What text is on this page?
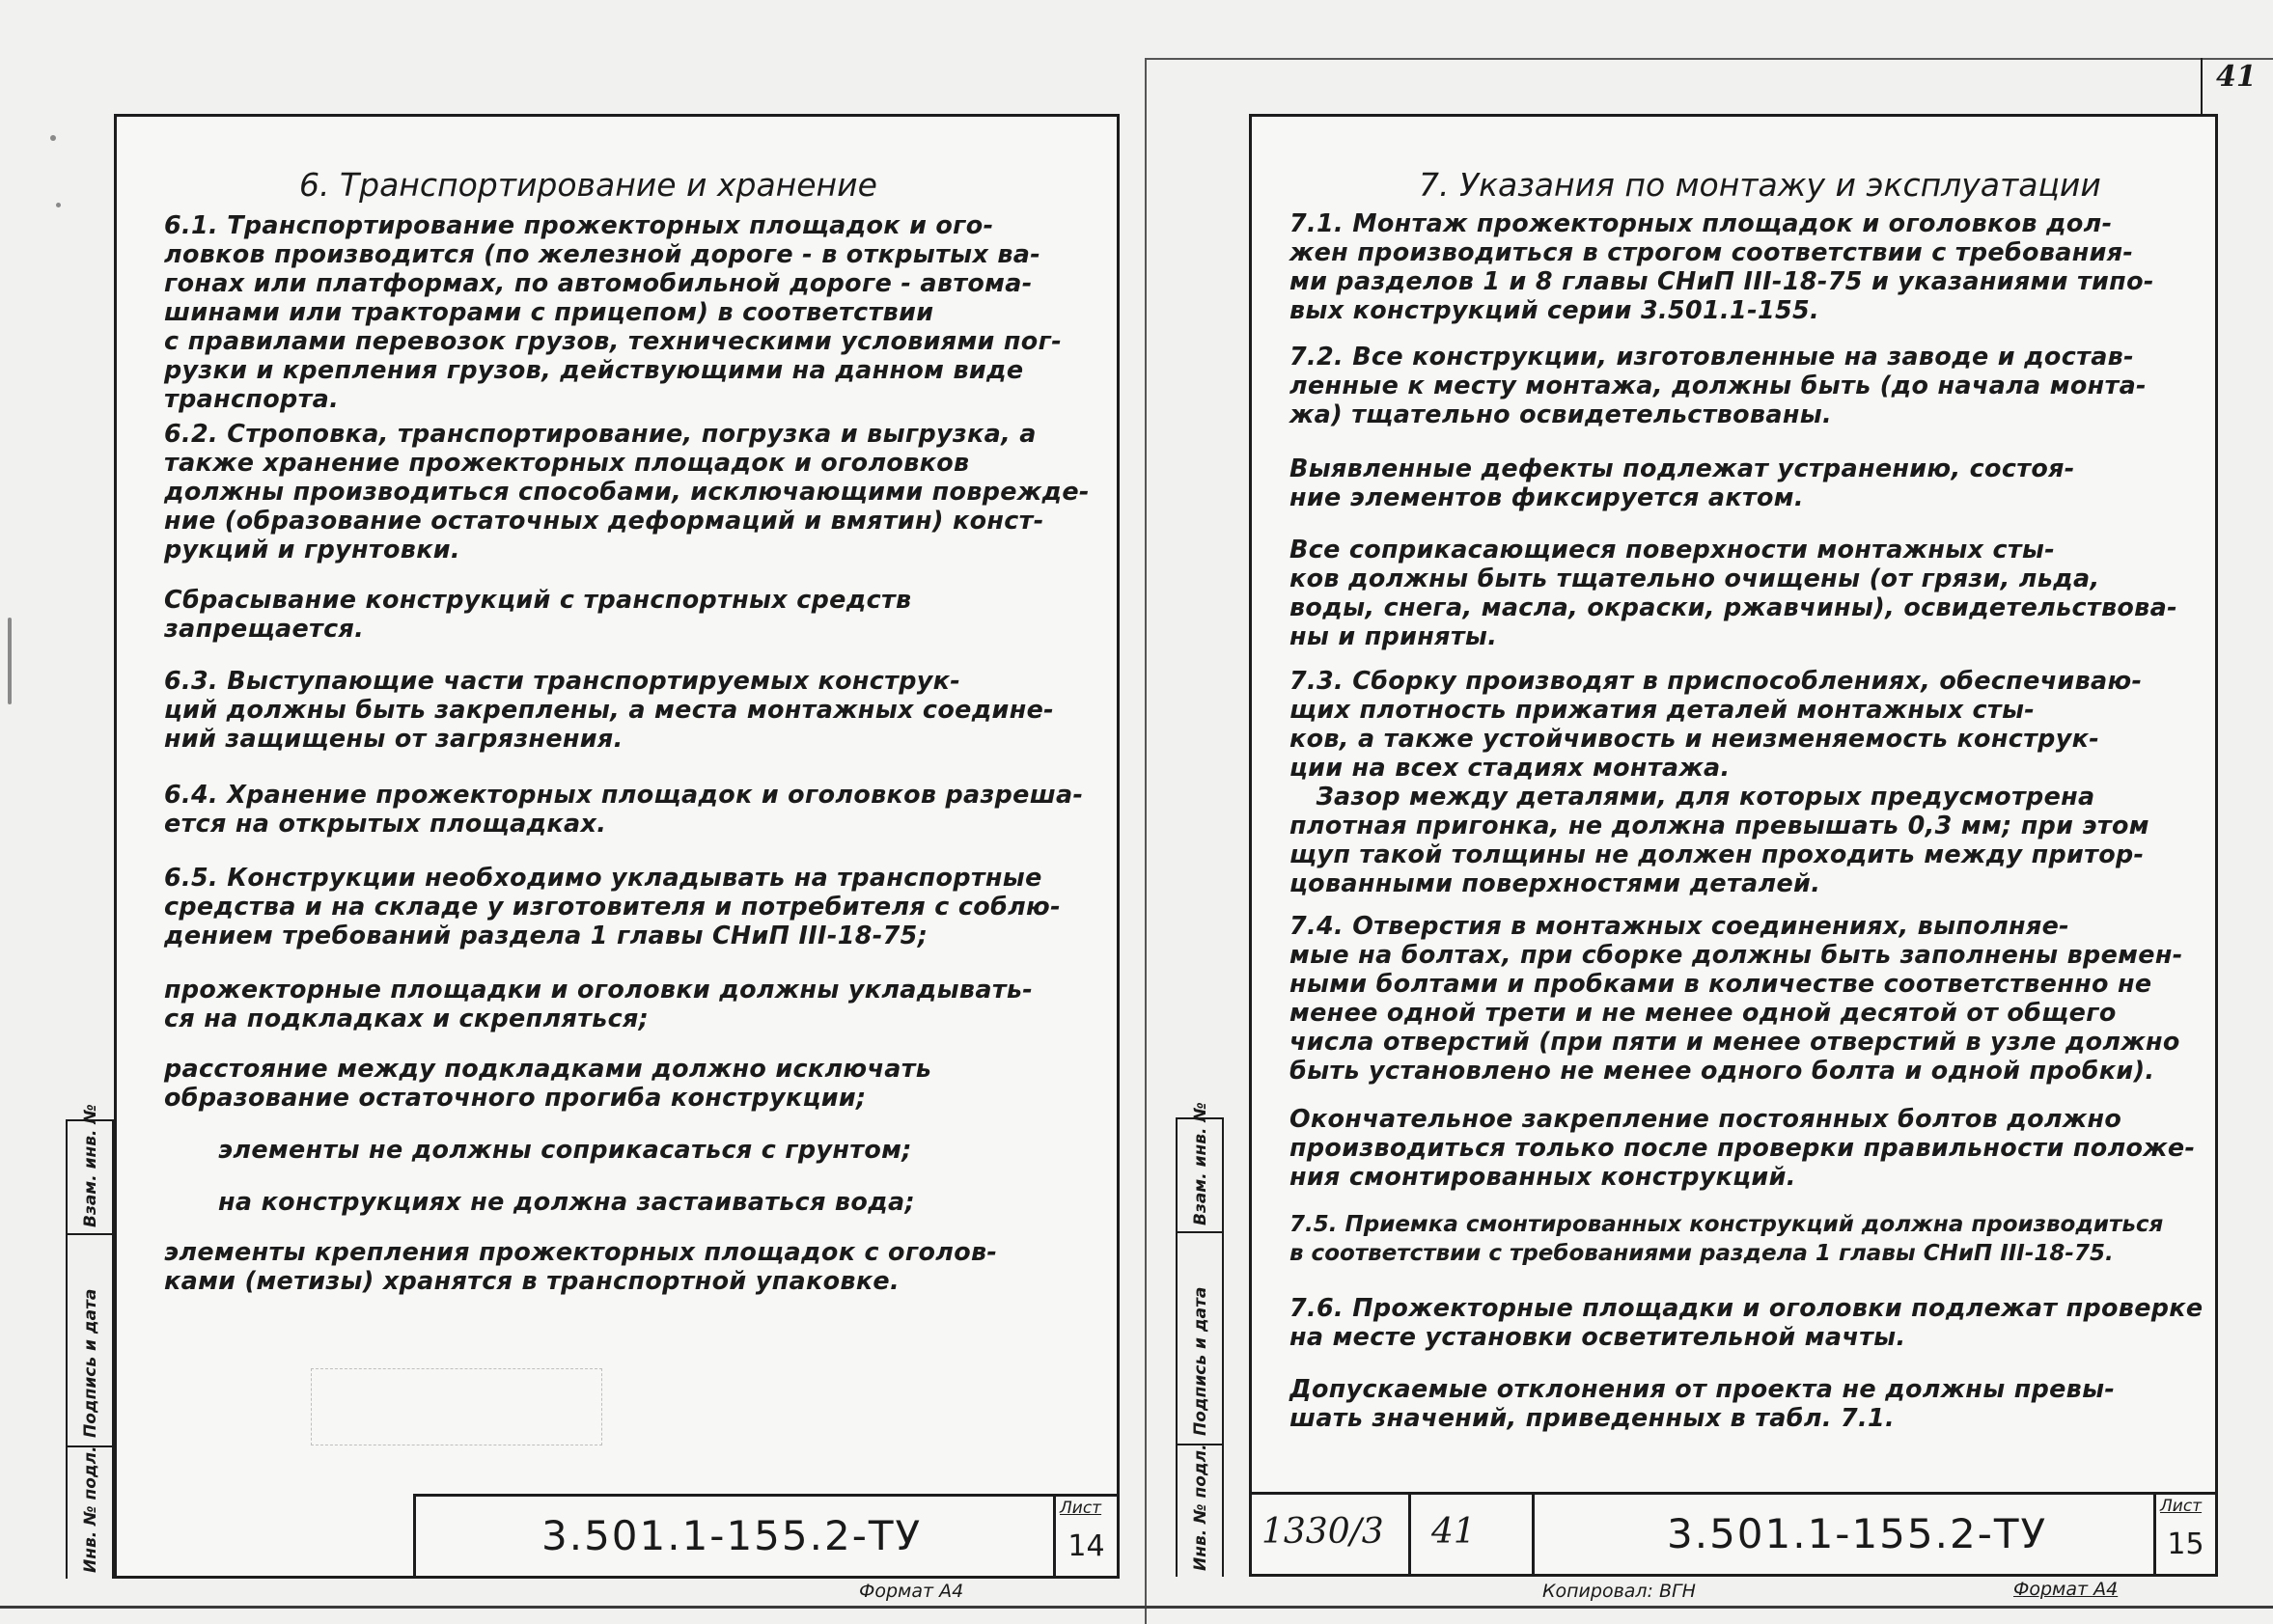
Инв. № подл.
Подпись и дата
Взам. инв. №
6. Транспортирование и хранение

6.1. Транспортирование прожекторных площадок и ого-
ловков производится (по железной дороге - в открытых ва-
гонах или платформах, по автомобильной дороге - автома-
шинами или тракторами с прицепом) в соответствии
с правилами перевозок грузов, техническими условиями пог-
рузки и крепления грузов, действующими на данном виде
транспорта.

6.2. Строповка, транспортирование, погрузка и выгрузка, а
также хранение прожекторных площадок и оголовков
должны производиться способами, исключающими поврежде-
ние (образование остаточных деформаций и вмятин) конст-
рукций и грунтовки.

Сбрасывание конструкций с транспортных средств
запрещается.

6.3. Выступающие части транспортируемых конструк-
ций должны быть закреплены, а места монтажных соедине-
ний защищены от загрязнения.

6.4. Хранение прожекторных площадок и оголовков разреша-
ется на открытых площадках.

6.5. Конструкции необходимо укладывать на транспортные
средства и на складе у изготовителя и потребителя с соблю-
дением требований раздела 1 главы СНиП III-18-75;

прожекторные площадки и оголовки должны укладывать-
ся на подкладках и скрепляться;

расстояние между подкладками должно исключать
образование остаточного прогиба конструкции;

элементы не должны соприкасаться с грунтом;

на конструкциях не должна застаиваться вода;

элементы крепления прожекторных площадок с оголов-
ками (метизы) хранятся в транспортной упаковке.

3.501.1-155.2-ТУ
Лист
14
Формат А4
41
Инв. № подл.
Подпись и дата
Взам. инв. №
7. Указания по монтажу и эксплуатации

7.1. Монтаж прожекторных площадок и оголовков дол-
жен производиться в строгом соответствии с требования-
ми разделов 1 и 8 главы СНиП III-18-75 и указаниями типо-
вых конструкций серии 3.501.1-155.

7.2. Все конструкции, изготовленные на заводе и достав-
ленные к месту монтажа, должны быть (до начала монта-
жа) тщательно освидетельствованы.

Выявленные дефекты подлежат устранению, состоя-
ние элементов фиксируется актом.

Все соприкасающиеся поверхности монтажных сты-
ков должны быть тщательно очищены (от грязи, льда,
воды, снега, масла, окраски, ржавчины), освидетельствова-
ны и приняты.

7.3. Сборку производят в приспособлениях, обеспечиваю-
щих плотность прижатия деталей монтажных сты-
ков, а также устойчивость и неизменяемость конструк-
ции на всех стадиях монтажа.
Зазор между деталями, для которых предусмотрена
плотная пригонка, не должна превышать 0,3 мм; при этом
щуп такой толщины не должен проходить между притор-
цованными поверхностями деталей.

7.4. Отверстия в монтажных соединениях, выполняе-
мые на болтах, при сборке должны быть заполнены времен-
ными болтами и пробками в количестве соответственно не
менее одной трети и не менее одной десятой от общего
числа отверстий (при пяти и менее отверстий в узле должно
быть установлено не менее одного болта и одной пробки).

Окончательное закрепление постоянных болтов должно
производиться только после проверки правильности положе-
ния смонтированных конструкций.

7.5. Приемка смонтированных конструкций должна производиться
в соответствии с требованиями раздела 1 главы СНиП III-18-75.

7.6. Прожекторные площадки и оголовки подлежат проверке
на месте установки осветительной мачты.

Допускаемые отклонения от проекта не должны превы-
шать значений, приведенных в табл. 7.1.

1330/3 41	3.501.1-155.2-ТУ
Лист
15
Копировал: ВГН	Формат А4
